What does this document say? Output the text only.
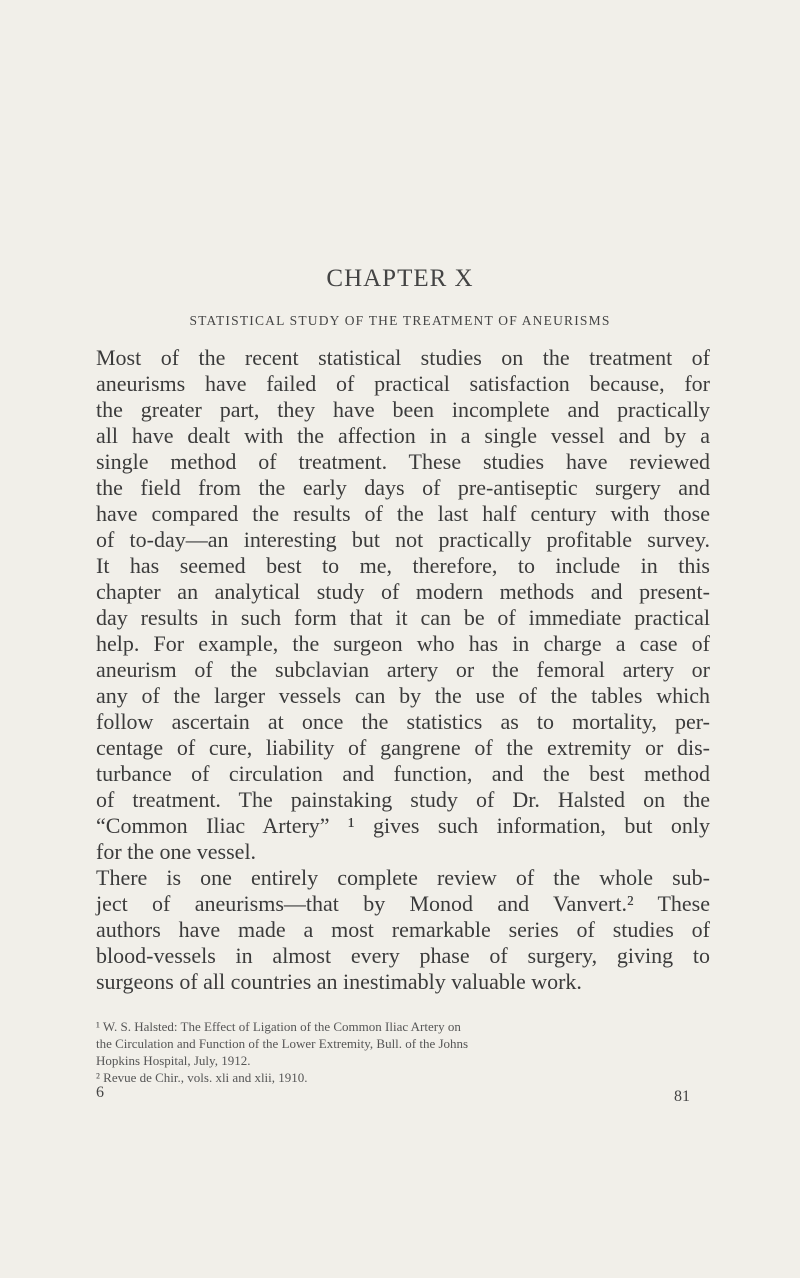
CHAPTER X
STATISTICAL STUDY OF THE TREATMENT OF ANEURISMS
Most of the recent statistical studies on the treatment of
aneurisms have failed of practical satisfaction because, for
the greater part, they have been incomplete and practically
all have dealt with the affection in a single vessel and by a
single method of treatment. These studies have reviewed
the field from the early days of pre-antiseptic surgery and
have compared the results of the last half century with those
of to-day—an interesting but not practically profitable survey.
It has seemed best to me, therefore, to include in this
chapter an analytical study of modern methods and present-
day results in such form that it can be of immediate practical
help. For example, the surgeon who has in charge a case of
aneurism of the subclavian artery or the femoral artery or
any of the larger vessels can by the use of the tables which
follow ascertain at once the statistics as to mortality, per-
centage of cure, liability of gangrene of the extremity or dis-
turbance of circulation and function, and the best method
of treatment. The painstaking study of Dr. Halsted on the
“Common Iliac Artery” ¹ gives such information, but only
for the one vessel.
There is one entirely complete review of the whole sub-
ject of aneurisms—that by Monod and Vanvert.² These
authors have made a most remarkable series of studies of
blood-vessels in almost every phase of surgery, giving to
surgeons of all countries an inestimably valuable work.
¹ W. S. Halsted: The Effect of Ligation of the Common Iliac Artery on
the Circulation and Function of the Lower Extremity, Bull. of the Johns
Hopkins Hospital, July, 1912.
² Revue de Chir., vols. xli and xlii, 1910.
6	81
